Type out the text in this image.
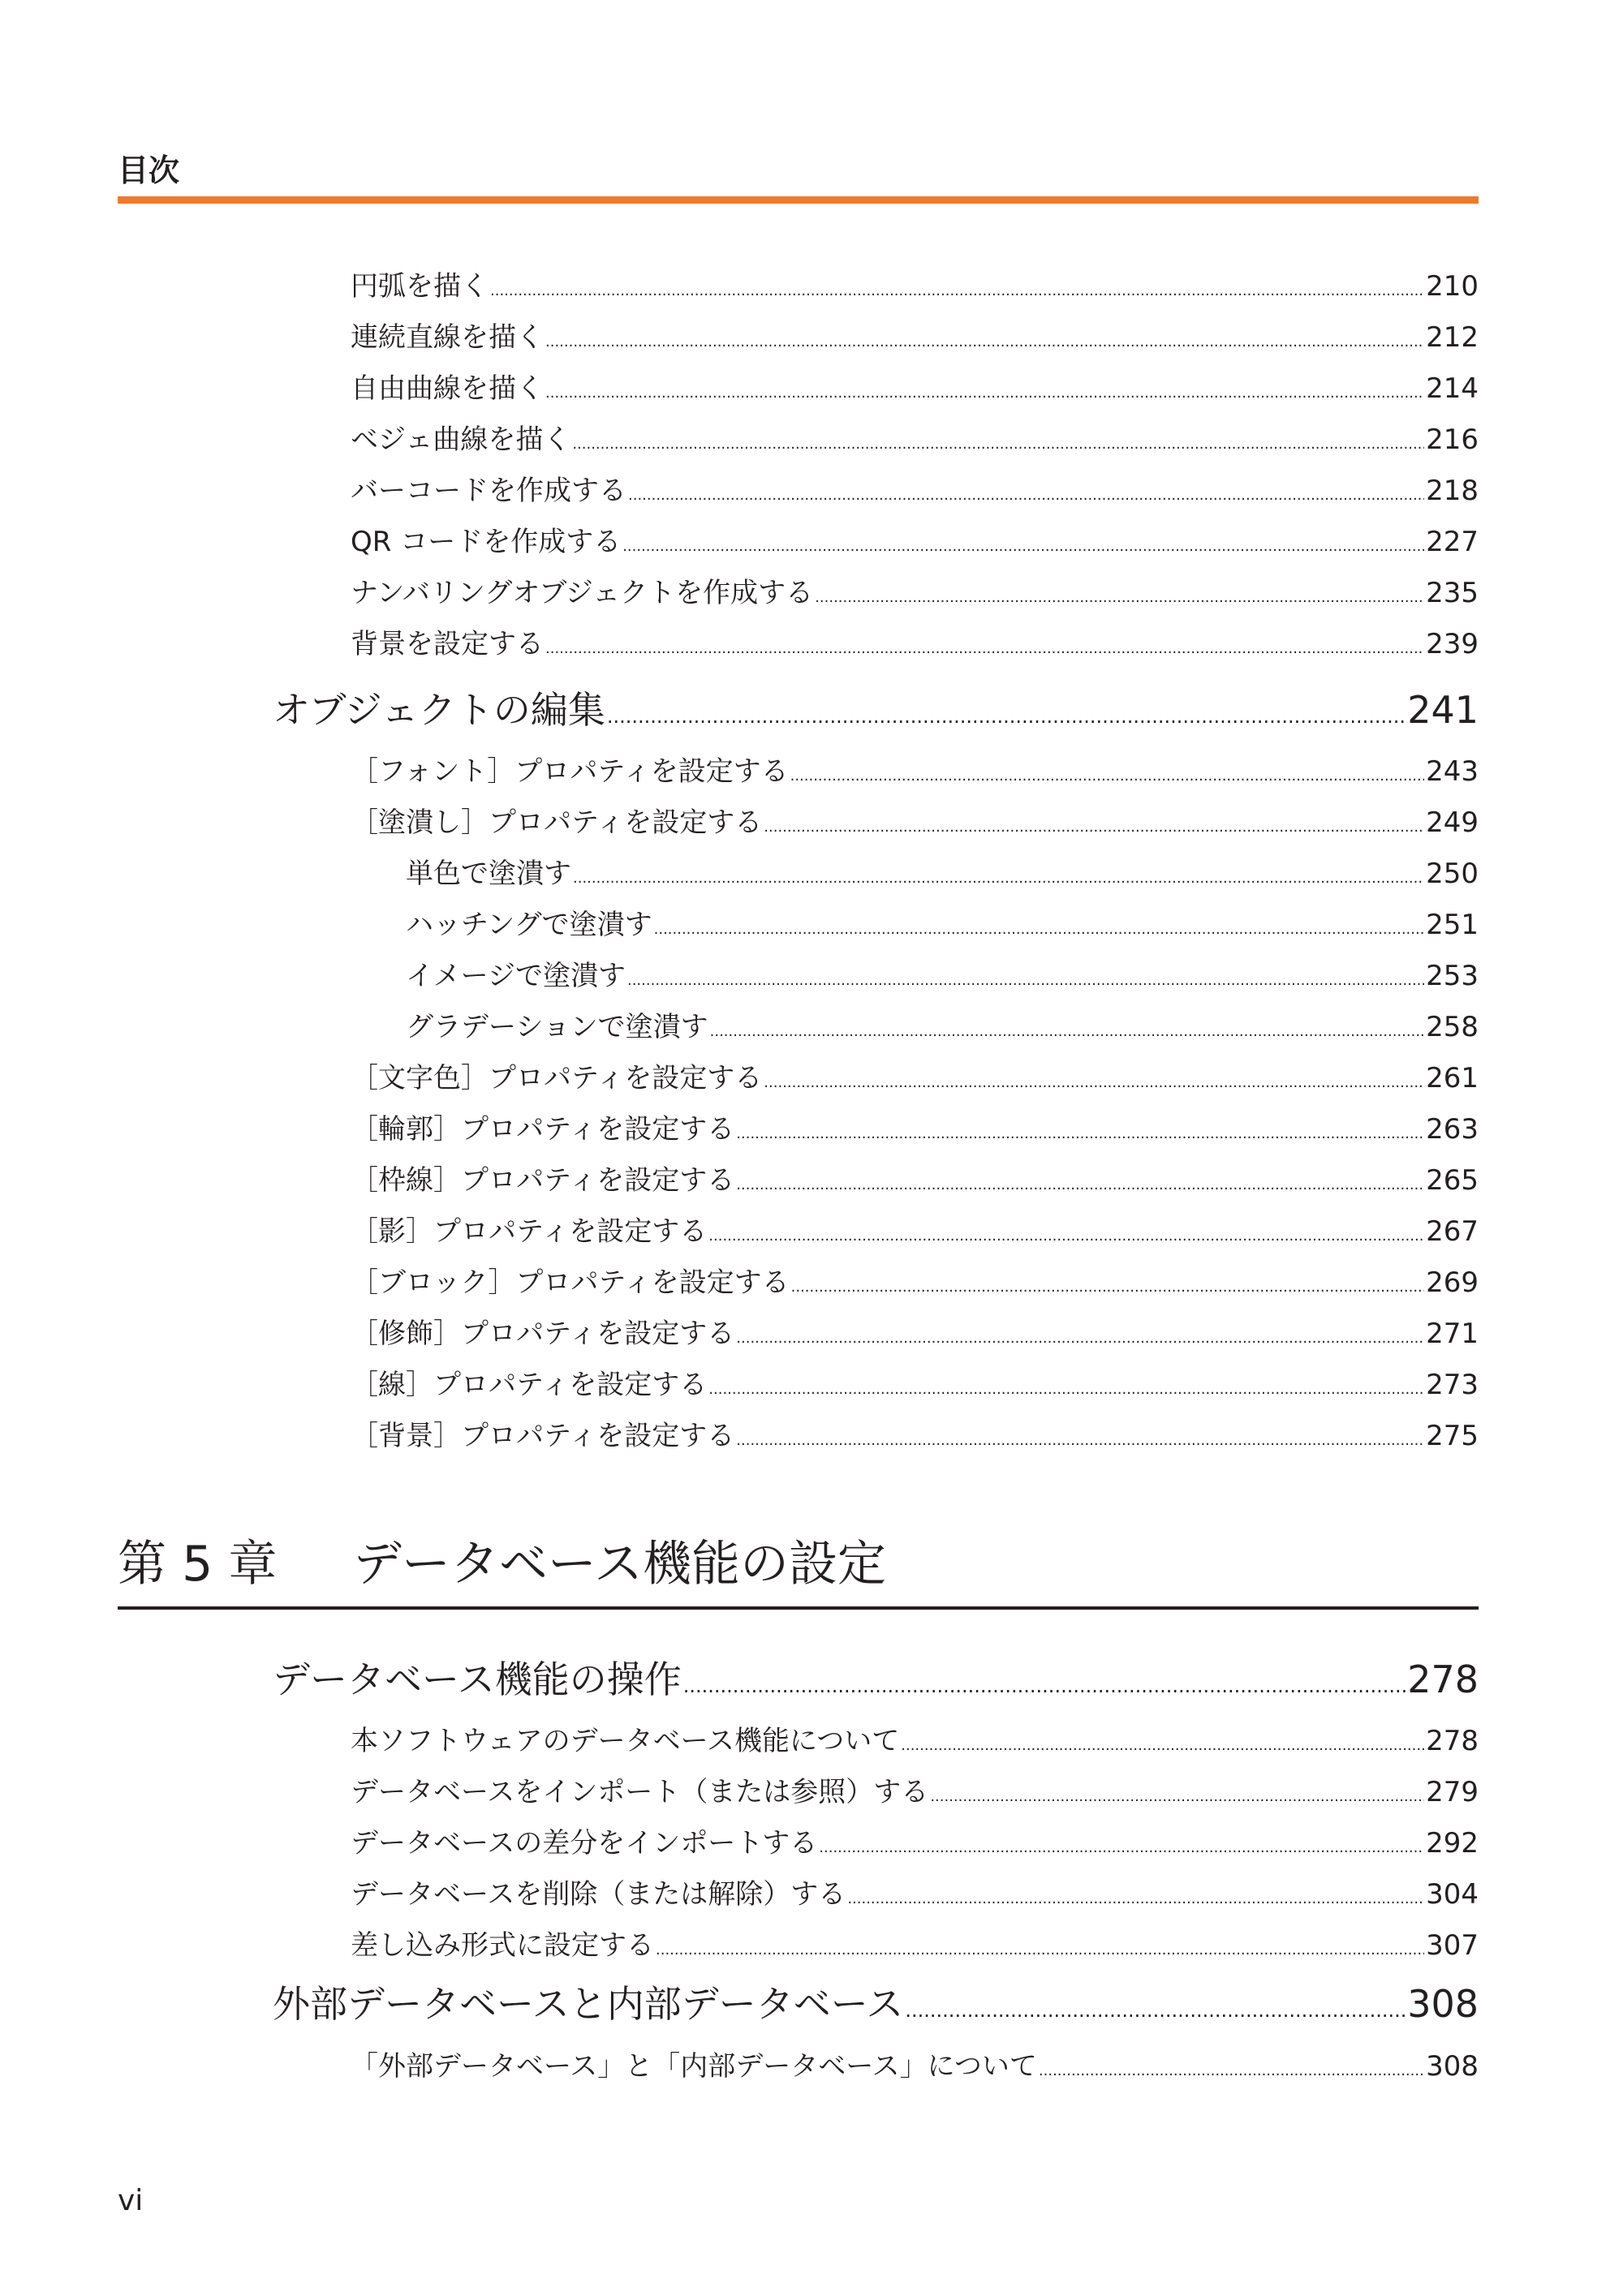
目次
円弧を描く .....	210
連続直線を描く .....	212
自由曲線を描く .....	214
ベジェ曲線を描く .....	216
バーコードを作成する .....	218
QR コードを作成する .....	227
ナンバリングオブジェクトを作成する .....	235
背景を設定する .....	239
オブジェクトの編集 .....	241
［フォント］プロパティを設定する .....	243
［塗潰し］プロパティを設定する .....	249
単色で塗潰す .....	250
ハッチングで塗潰す .....	251
イメージで塗潰す .....	253
グラデーションで塗潰す .....	258
［文字色］プロパティを設定する .....	261
［輪郭］プロパティを設定する .....	263
［枠線］プロパティを設定する .....	265
［影］プロパティを設定する .....	267
［ブロック］プロパティを設定する .....	269
［修飾］プロパティを設定する .....	271
［線］プロパティを設定する .....	273
［背景］プロパティを設定する .....	275
第 5 章 データベース機能の設定
データベース機能の操作 .....	278
本ソフトウェアのデータベース機能について .....	278
データベースをインポート（または参照）する .....	279
データベースの差分をインポートする .....	292
データベースを削除（または解除）する .....	304
差し込み形式に設定する .....	307
外部データベースと内部データベース .....	308
「外部データベース」と「内部データベース」について .....	308
vi
